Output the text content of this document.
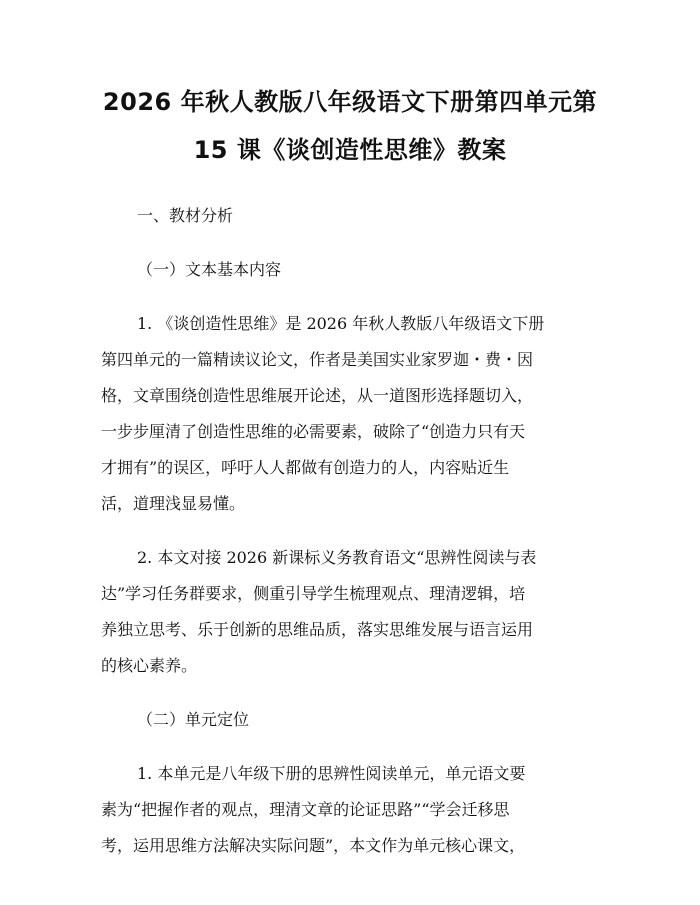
2026 年秋人教版八年级语文下册第四单元第
15 课《谈创造性思维》教案

一、教材分析

（一）文本基本内容

1. 《谈创造性思维》是 2026 年秋人教版八年级语文下册
第四单元的一篇精读议论文，作者是美国实业家罗迦・费・因
格，文章围绕创造性思维展开论述，从一道图形选择题切入，
一步步厘清了创造性思维的必需要素，破除了“创造力只有天
才拥有”的误区，呼吁人人都做有创造力的人，内容贴近生
活，道理浅显易懂。

2. 本文对接 2026 新课标义务教育语文“思辨性阅读与表
达”学习任务群要求，侧重引导学生梳理观点、理清逻辑，培
养独立思考、乐于创新的思维品质，落实思维发展与语言运用
的核心素养。

（二）单元定位

1. 本单元是八年级下册的思辨性阅读单元，单元语文要
素为“把握作者的观点，理清文章的论证思路”“学会迁移思
考，运用思维方法解决实际问题”，本文作为单元核心课文，
